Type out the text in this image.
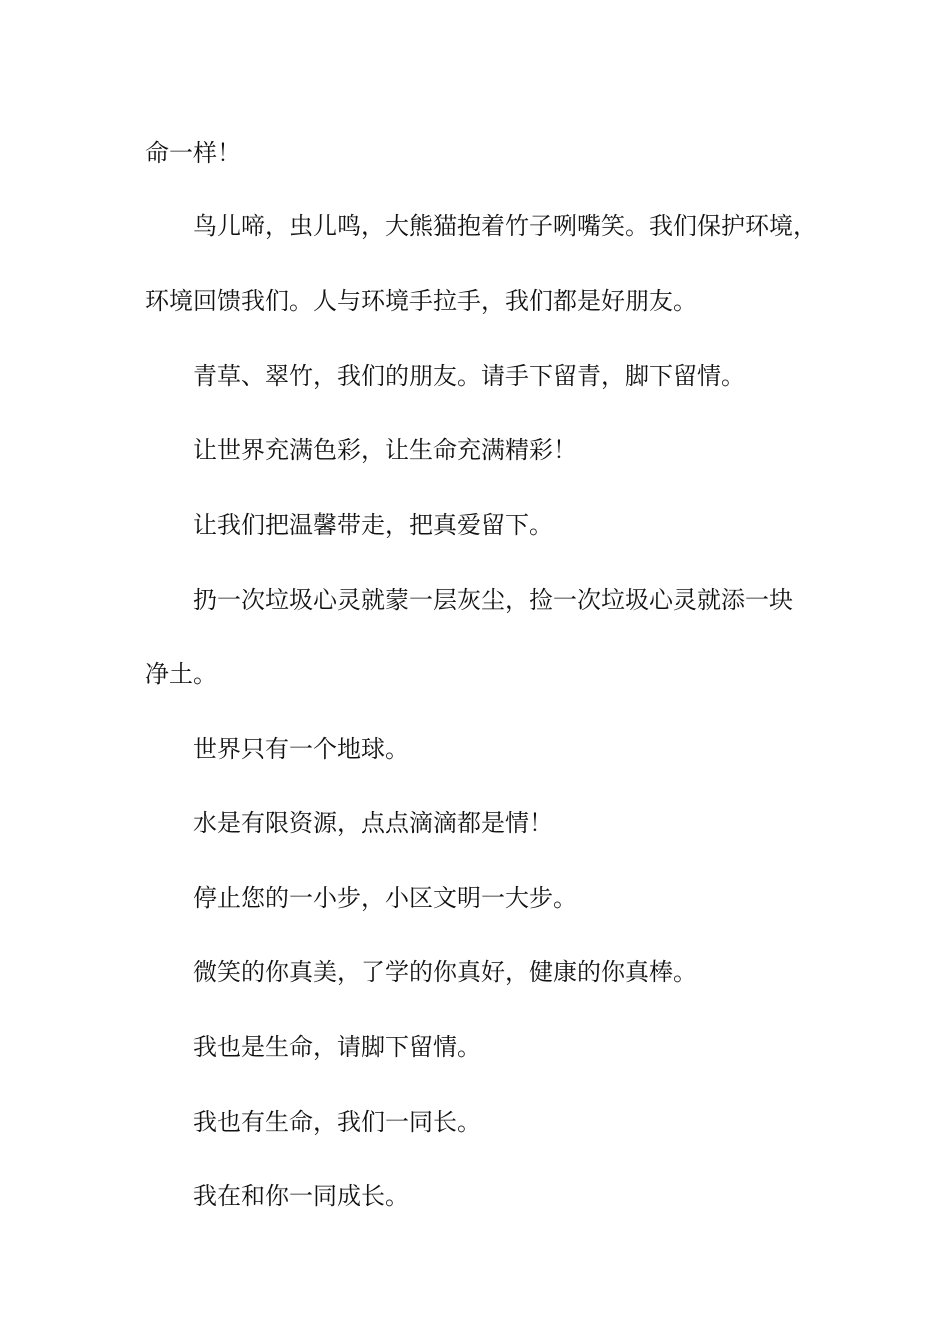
命一样！
鸟儿啼，虫儿鸣，大熊猫抱着竹子咧嘴笑。我们保护环境，
环境回馈我们。人与环境手拉手，我们都是好朋友。
青草、翠竹，我们的朋友。请手下留青，脚下留情。
让世界充满色彩，让生命充满精彩！
让我们把温馨带走，把真爱留下。
扔一次垃圾心灵就蒙一层灰尘，捡一次垃圾心灵就添一块
净土。
世界只有一个地球。
水是有限资源，点点滴滴都是情！
停止您的一小步，小区文明一大步。
微笑的你真美，了学的你真好，健康的你真棒。
我也是生命，请脚下留情。
我也有生命，我们一同长。
我在和你一同成长。
